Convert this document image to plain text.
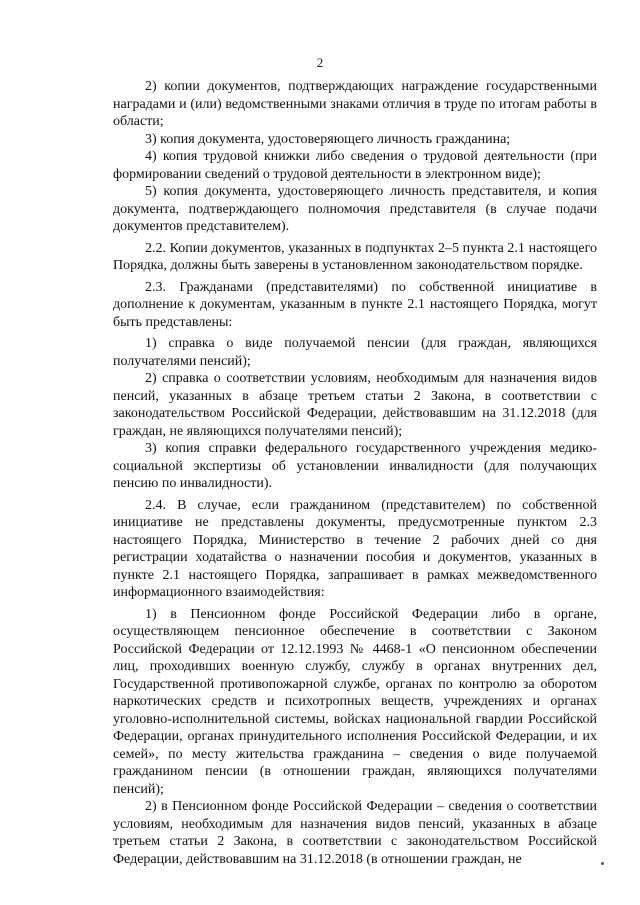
2

2) копии документов, подтверждающих награждение государственными наградами и (или) ведомственными знаками отличия в труде по итогам работы в области;

3) копия документа, удостоверяющего личность гражданина;

4) копия трудовой книжки либо сведения о трудовой деятельности (при формировании сведений о трудовой деятельности в электронном виде);

5) копия документа, удостоверяющего личность представителя, и копия документа, подтверждающего полномочия представителя (в случае подачи документов представителем).

2.2. Копии документов, указанных в подпунктах 2–5 пункта 2.1 настоящего Порядка, должны быть заверены в установленном законодательством порядке.

2.3. Гражданами (представителями) по собственной инициативе в дополнение к документам, указанным в пункте 2.1 настоящего Порядка, могут быть представлены:

1) справка о виде получаемой пенсии (для граждан, являющихся получателями пенсий);

2) справка о соответствии условиям, необходимым для назначения видов пенсий, указанных в абзаце третьем статьи 2 Закона, в соответствии с законодательством Российской Федерации, действовавшим на 31.12.2018 (для граждан, не являющихся получателями пенсий);

3) копия справки федерального государственного учреждения медико-социальной экспертизы об установлении инвалидности (для получающих пенсию по инвалидности).

2.4. В случае, если гражданином (представителем) по собственной инициативе не представлены документы, предусмотренные пунктом 2.3 настоящего Порядка, Министерство в течение 2 рабочих дней со дня регистрации ходатайства о назначении пособия и документов, указанных в пункте 2.1 настоящего Порядка, запрашивает в рамках межведомственного информационного взаимодействия:

1) в Пенсионном фонде Российской Федерации либо в органе, осуществляющем пенсионное обеспечение в соответствии с Законом Российской Федерации от 12.12.1993 № 4468-1 «О пенсионном обеспечении лиц, проходивших военную службу, службу в органах внутренних дел, Государственной противопожарной службе, органах по контролю за оборотом наркотических средств и психотропных веществ, учреждениях и органах уголовно-исполнительной системы, войсках национальной гвардии Российской Федерации, органах принудительного исполнения Российской Федерации, и их семей», по месту жительства гражданина – сведения о виде получаемой гражданином пенсии (в отношении граждан, являющихся получателями пенсий);

2) в Пенсионном фонде Российской Федерации – сведения о соответствии условиям, необходимым для назначения видов пенсий, указанных в абзаце третьем статьи 2 Закона, в соответствии с законодательством Российской Федерации, действовавшим на 31.12.2018 (в отношении граждан, не
